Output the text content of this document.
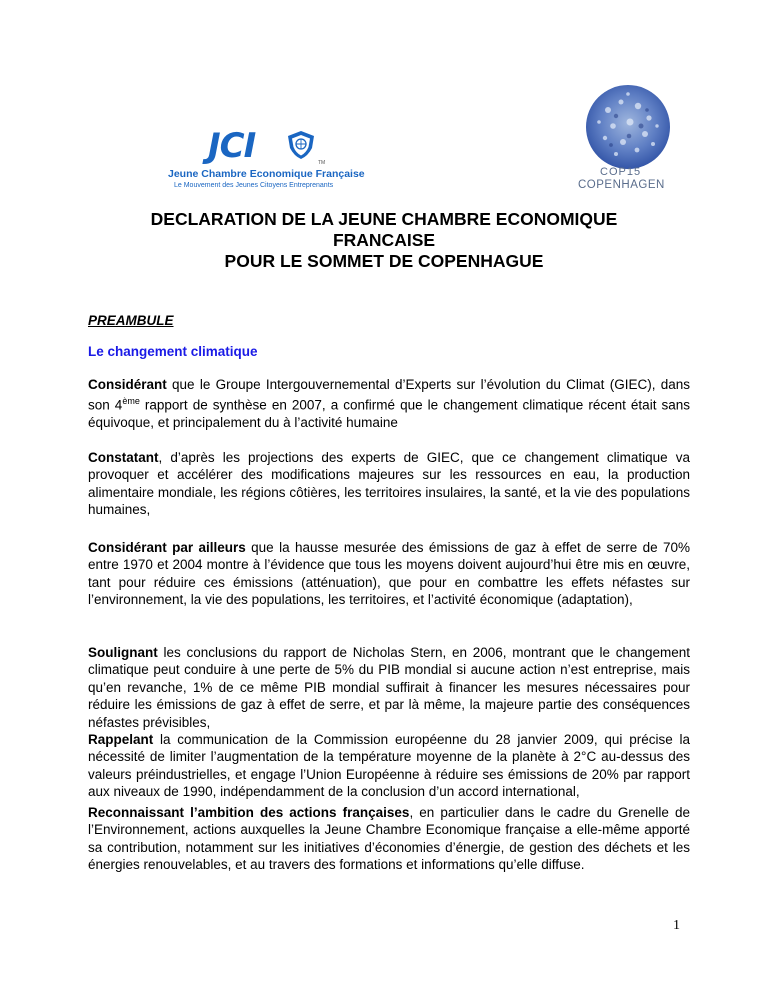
JCI	TM
Jeune Chambre Economique Française
Le Mouvement des Jeunes Citoyens Entreprenants
COP15
COPENHAGEN
DECLARATION DE LA JEUNE CHAMBRE ECONOMIQUE
FRANCAISE
POUR LE SOMMET DE COPENHAGUE
PREAMBULE
Le changement climatique
Considérant que le Groupe Intergouvernemental d’Experts sur l’évolution du Climat (GIEC), dans son 4ème rapport de synthèse en 2007, a confirmé que le changement climatique récent était sans équivoque, et principalement du à l’activité humaine
Constatant, d’après les projections des experts de GIEC, que ce changement climatique va provoquer et accélérer des modifications majeures sur les ressources en eau, la production alimentaire mondiale, les régions côtières, les territoires insulaires, la santé, et la vie des populations humaines,
Considérant par ailleurs que la hausse mesurée des émissions de gaz à effet de serre de 70% entre 1970 et 2004 montre à l’évidence que tous les moyens doivent aujourd’hui être mis en œuvre, tant pour réduire ces émissions (atténuation), que pour en combattre les effets néfastes sur l’environnement, la vie des populations, les territoires, et l’activité économique (adaptation),
Soulignant les conclusions du rapport de Nicholas Stern, en 2006, montrant que le changement climatique peut conduire à une perte de 5% du PIB mondial si aucune action n’est entreprise, mais qu’en revanche, 1% de ce même PIB mondial suffirait à financer les mesures nécessaires pour réduire les émissions de gaz à effet de serre, et par là même, la majeure partie des conséquences néfastes prévisibles,
Rappelant la communication de la Commission européenne du 28 janvier 2009, qui précise la nécessité de limiter l’augmentation de la température moyenne de la planète à 2°C au-dessus des valeurs préindustrielles, et engage l’Union Européenne à réduire ses émissions de 20% par rapport aux niveaux de 1990, indépendamment de la conclusion d’un accord international,
Reconnaissant l’ambition des actions françaises, en particulier dans le cadre du Grenelle de l’Environnement, actions auxquelles la Jeune Chambre Economique française a elle-même apporté sa contribution, notamment sur les initiatives d’économies d’énergie, de gestion des déchets et les énergies renouvelables, et au travers des formations et informations qu’elle diffuse.
1
